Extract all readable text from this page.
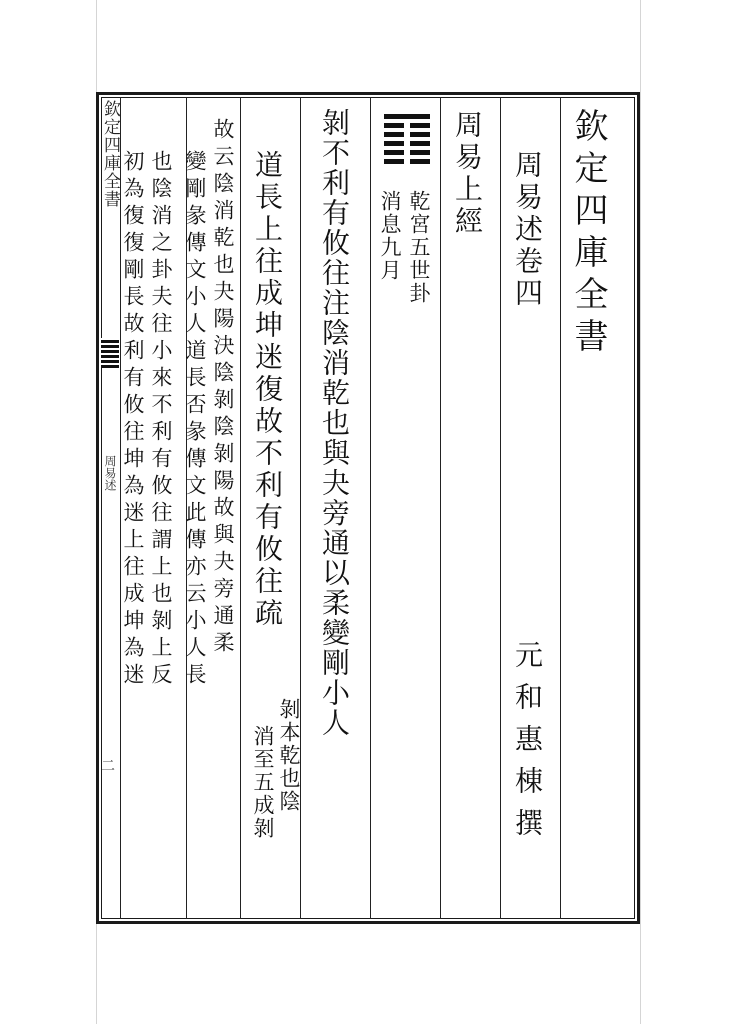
欽定四庫全書
周易述
二
欽定四庫全書
周易述卷四
元和惠棟撰
周易上經
乾宮五世卦
消息九月
剝不利有攸往注陰消乾也與夬旁通以柔變剛小人
道長上往成坤迷復故不利有攸往疏
剝本乾也陰
消至五成剝
故云陰消乾也夬陽決陰剝陰剝陽故與夬旁通柔
變剛彖傳文小人道長否彖傳文此傳亦云小人長
也陰消之卦夫往小來不利有攸往謂上也剝上反
初為復復剛長故利有攸往坤為迷上往成坤為迷
